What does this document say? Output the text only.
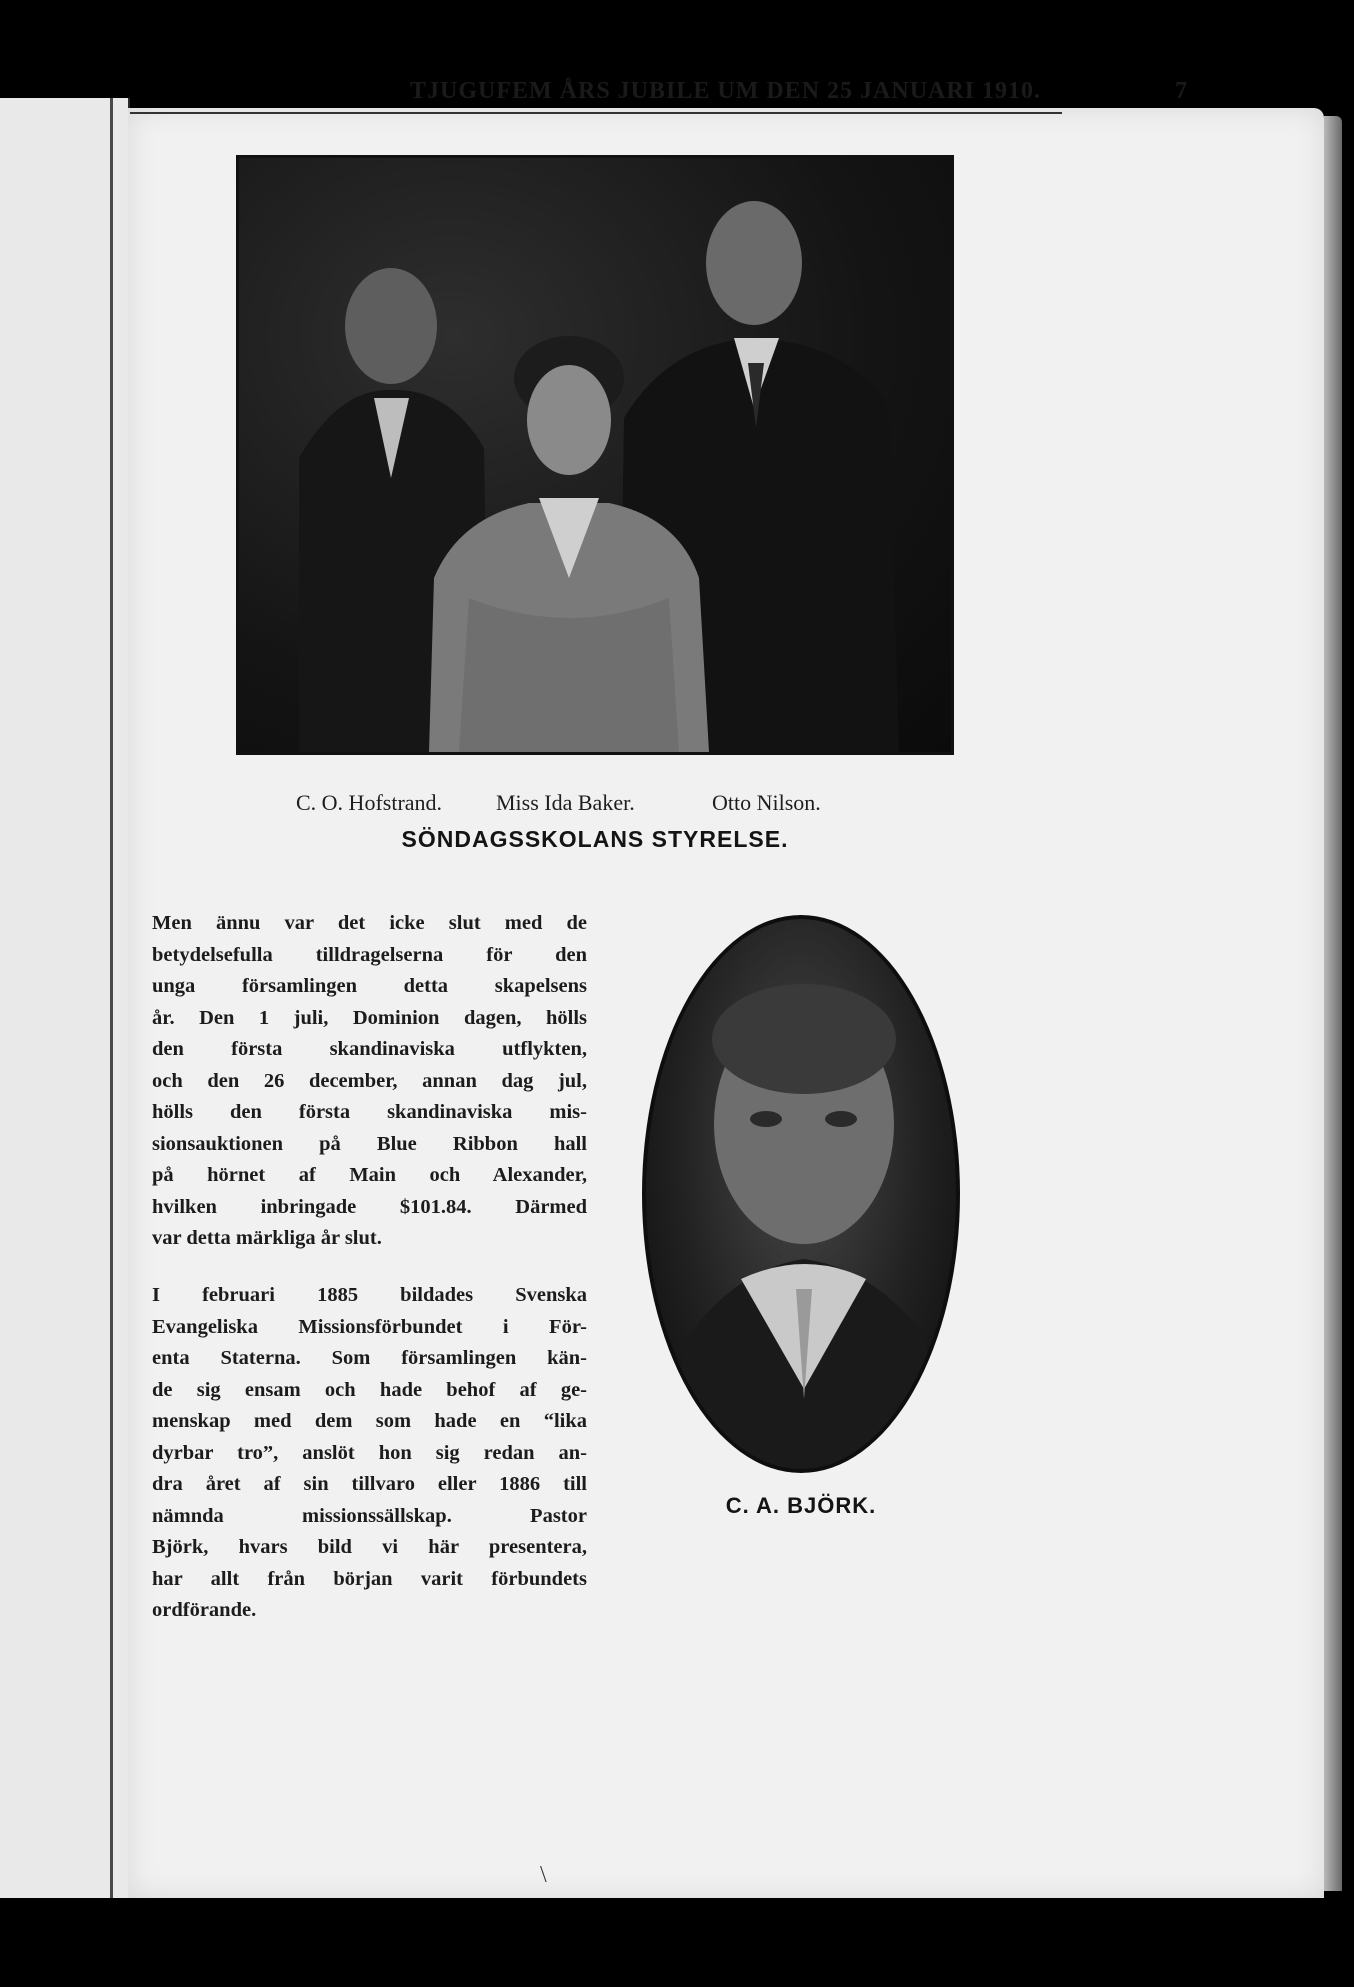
TJUGUFEM ÅRS JUBILE UM DEN 25 JANUARI 1910.	7
C. O. Hofstrand. Miss Ida Baker.	Otto Nilson.
SÖNDAGSSKOLANS STYRELSE.
Men ännu var det icke slut med de
betydelsefulla tilldragelserna för den
unga församlingen detta skapelsens
år. Den 1 juli, Dominion dagen, hölls
den första skandinaviska utflykten,
och den 26 december, annan dag jul,
hölls den första skandinaviska mis-
sionsauktionen på Blue Ribbon hall
på hörnet af Main och Alexander,
hvilken inbringade $101.84. Därmed
var detta märkliga år slut.
I februari 1885 bildades Svenska
Evangeliska Missionsförbundet i För-
enta Staterna. Som församlingen kän-
de sig ensam och hade behof af ge-
menskap med dem som hade en “lika
dyrbar tro”, anslöt hon sig redan an-
dra året af sin tillvaro eller 1886 till
nämnda missionssällskap. Pastor
Björk, hvars bild vi här presentera,
har allt från början varit förbundets
ordförande.
C. A. BJÖRK.
\
